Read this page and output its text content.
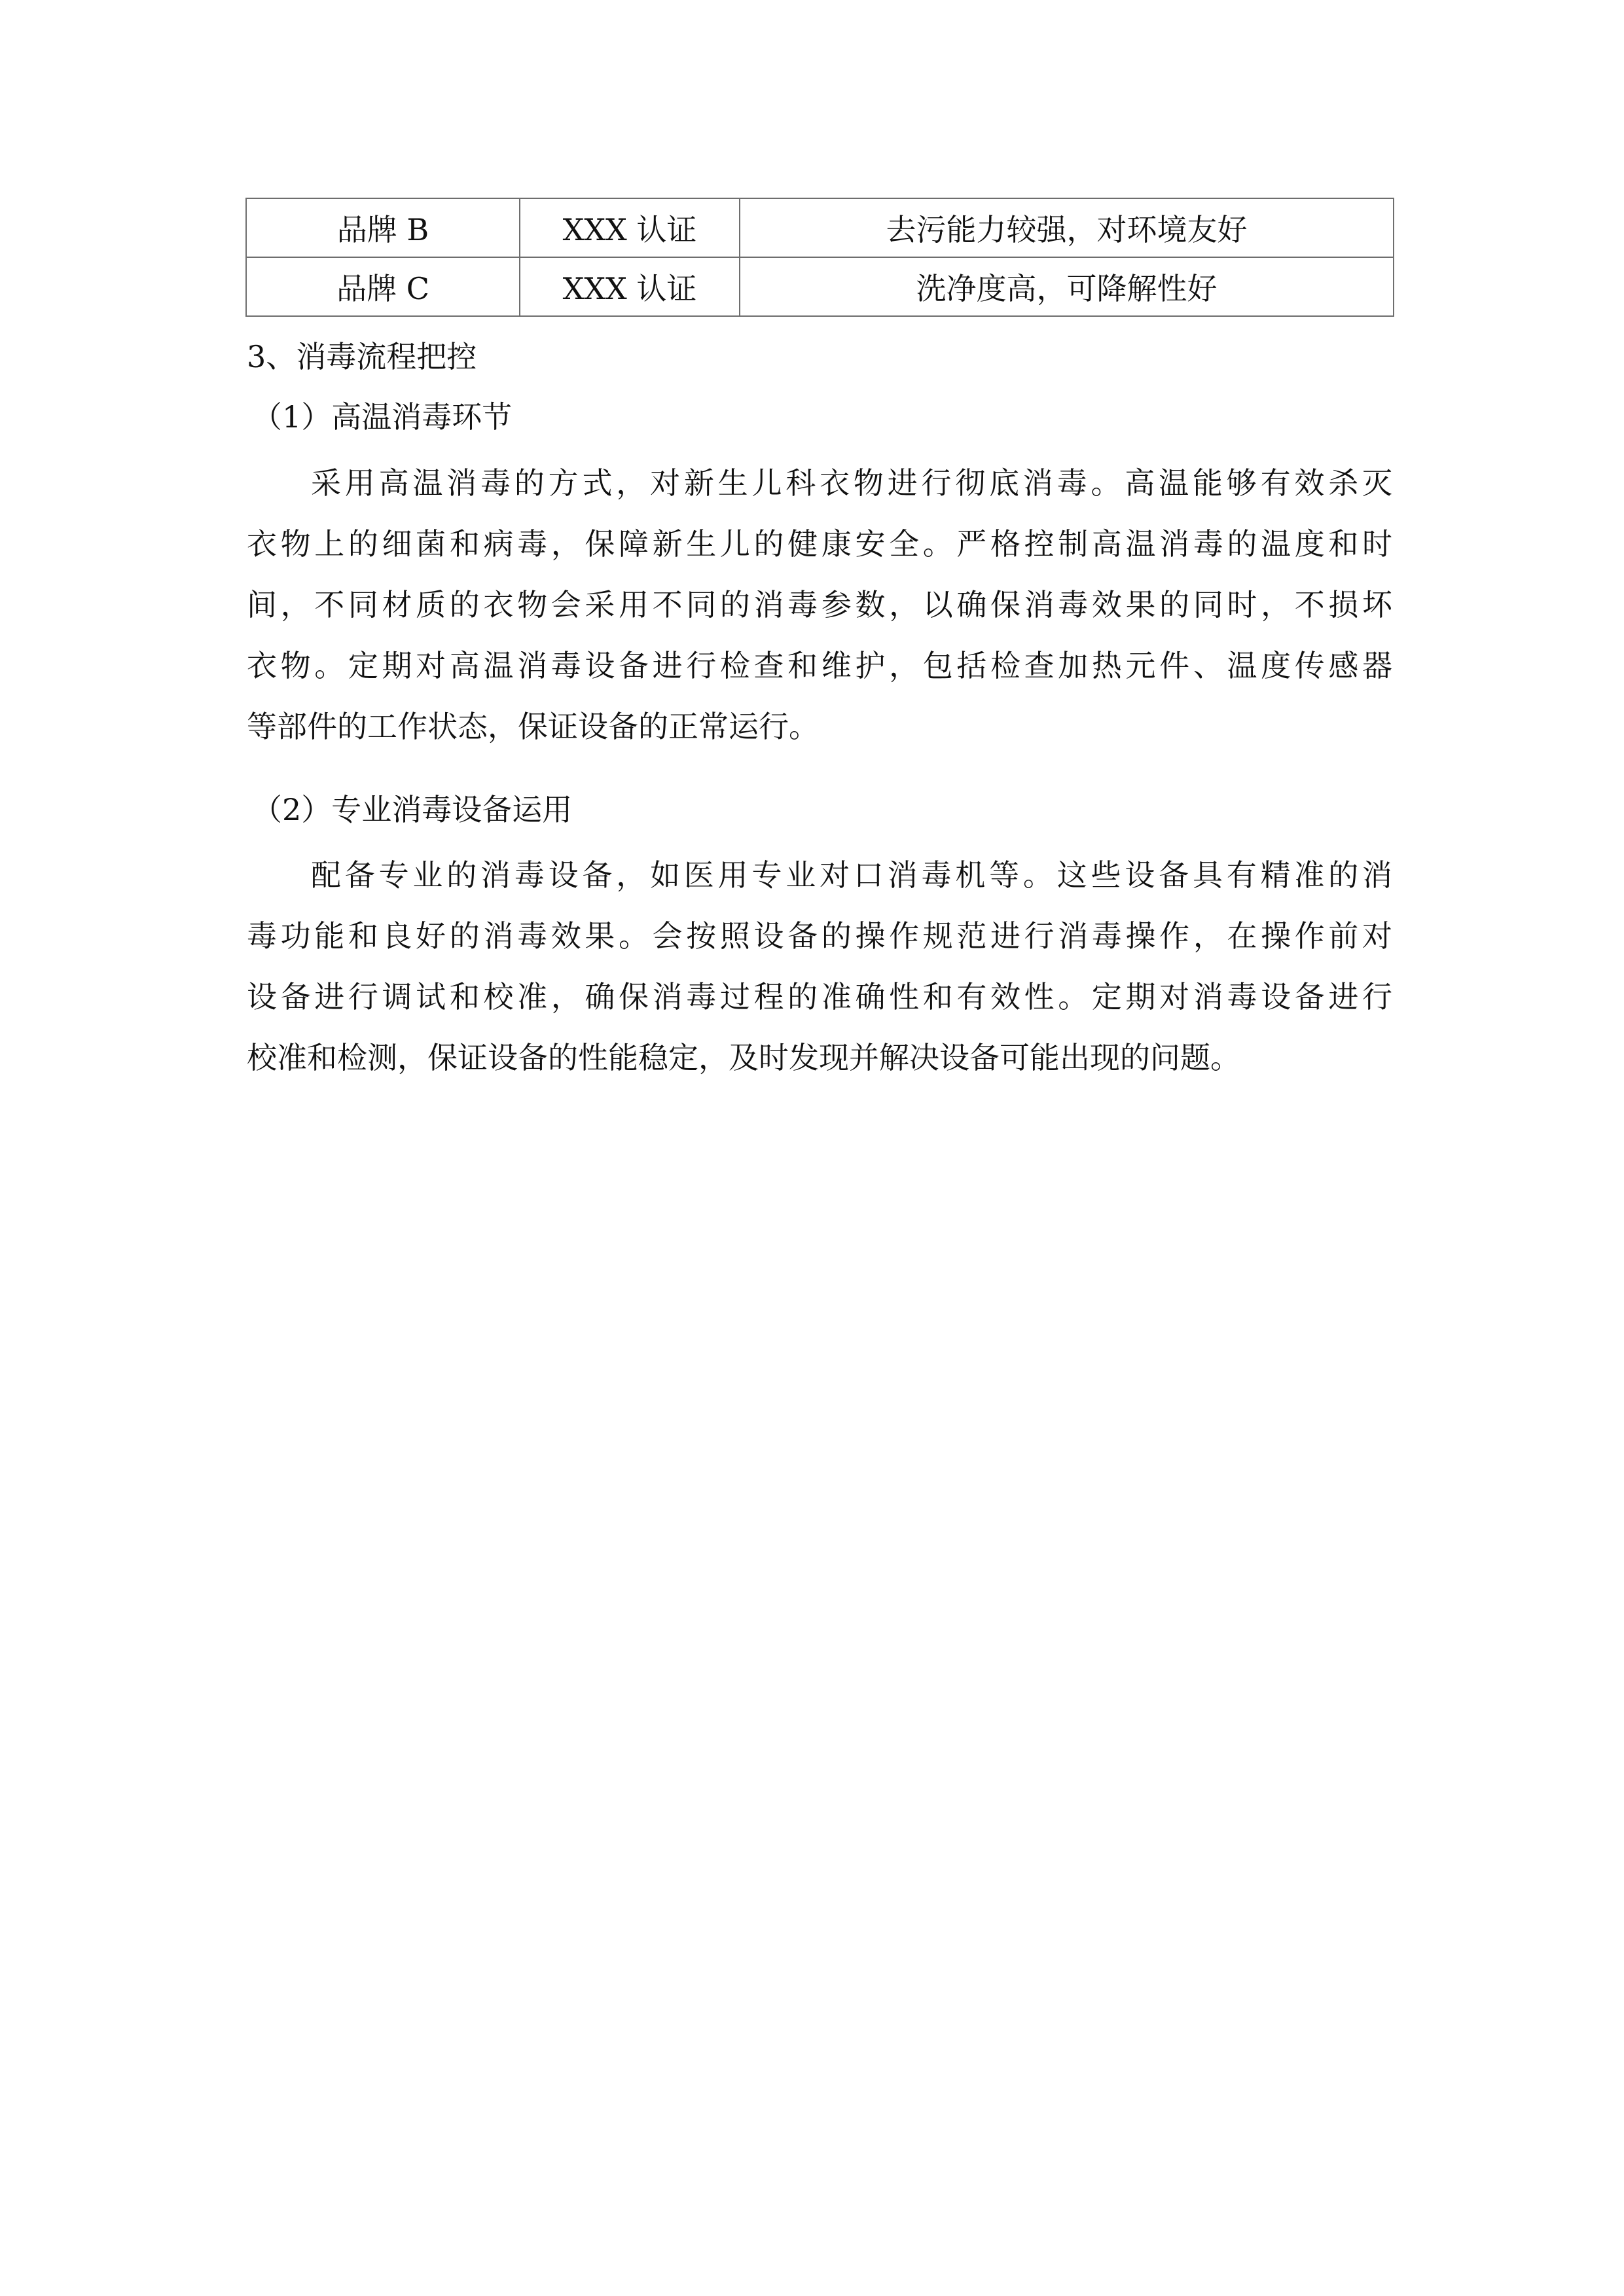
品牌 B	XXX 认证	去污能力较强，对环境友好
品牌 C	XXX 认证	洗净度高，可降解性好
3、消毒流程把控
（1）高温消毒环节
采用高温消毒的方式，对新生儿科衣物进行彻底消毒。高温能够有效杀灭
衣物上的细菌和病毒，保障新生儿的健康安全。严格控制高温消毒的温度和时
间，不同材质的衣物会采用不同的消毒参数，以确保消毒效果的同时，不损坏
衣物。定期对高温消毒设备进行检查和维护，包括检查加热元件、温度传感器
等部件的工作状态，保证设备的正常运行。
（2）专业消毒设备运用
配备专业的消毒设备，如医用专业对口消毒机等。这些设备具有精准的消
毒功能和良好的消毒效果。会按照设备的操作规范进行消毒操作，在操作前对
设备进行调试和校准，确保消毒过程的准确性和有效性。定期对消毒设备进行
校准和检测，保证设备的性能稳定，及时发现并解决设备可能出现的问题。
